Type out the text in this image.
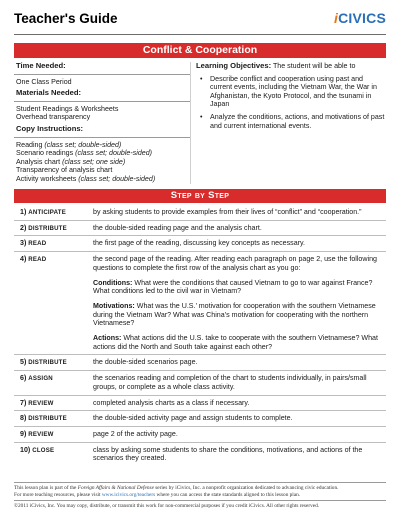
Teacher's Guide	iCIVICS
Conflict & Cooperation

Time Needed:

One Class Period

Materials Needed:

Student Readings & Worksheets

Overhead transparency

Copy Instructions:

Reading (class set; double-sided)

Scenario readings (class set; double-sided)

Analysis chart (class set; one side)

Transparency of analysis chart

Activity worksheets (class set; double-sided)

Learning Objectives: The student will be able to

• Describe conflict and cooperation using past and current events, including the Vietnam War, the War in Afghanistan, the Kyoto Protocol, and the tsunami in Japan
• Analyze the conditions, actions, and motivations of past and current international events.
Step by Step
1) ANTICIPATE	by asking students to provide examples from their lives of “conflict” and “cooperation.”

2) DISTRIBUTE	the double-sided reading page and the analysis chart.

3) READ	the first page of the reading, discussing key concepts as necessary.

4) READ	the second page of the reading. After reading each paragraph on page 2, use the following questions to complete the first row of the analysis chart as you go:

Conditions: What were the conditions that caused Vietnam to go to war against France? What conditions led to the civil war in Vietnam?

Motivations: What was the U.S.’ motivation for cooperation with the southern Vietnamese during the Vietnam War? What was China’s motivation for cooperating with the northern Vietnamese?

Actions: What actions did the U.S. take to cooperate with the southern Vietnamese? What actions did the North and South take against each other?

5) DISTRIBUTE	the double-sided scenarios page.

6) ASSIGN	the scenarios reading and completion of the chart to students individually, in pairs/small groups, or complete as a whole class activity.

7) REVIEW	completed analysis charts as a class if necessary.

8) DISTRIBUTE	the double-sided activity page and assign students to complete.

9) REVIEW	page 2 of the activity page.

10) CLOSE	class by asking some students to share the conditions, motivations, and actions of the scenarios they created.

This lesson plan is part of the Foreign Affairs & National Defense series by iCivics, Inc. a nonprofit organization dedicated to advancing civic education.

For more teaching resources, please visit www.icivics.org/teachers where you can access the state standards aligned to this lesson plan.

©2011 iCivics, Inc. You may copy, distribute, or transmit this work for non-commercial purposes if you credit iCivics. All other rights reserved.
